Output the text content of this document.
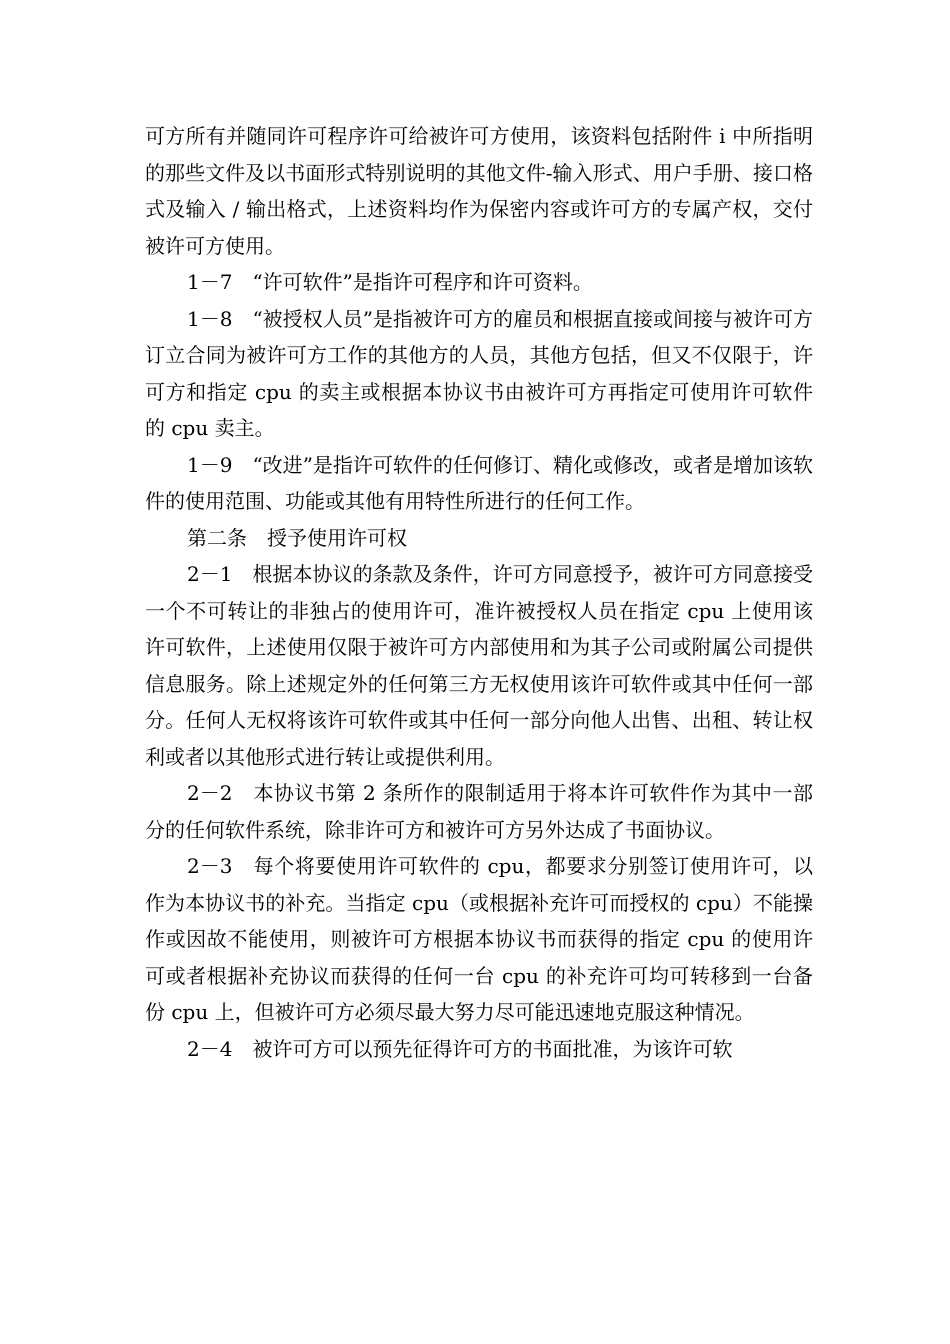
可方所有并随同许可程序许可给被许可方使用，该资料包括附件 i 中所指明的那些文件及以书面形式特别说明的其他文件-输入形式、用户手册、接口格式及输入 / 输出格式，上述资料均作为保密内容或许可方的专属产权，交付被许可方使用。

1－7　“许可软件”是指许可程序和许可资料。

1－8　“被授权人员”是指被许可方的雇员和根据直接或间接与被许可方订立合同为被许可方工作的其他方的人员，其他方包括，但又不仅限于，许可方和指定 cpu 的卖主或根据本协议书由被许可方再指定可使用许可软件的 cpu 卖主。

1－9　“改进”是指许可软件的任何修订、精化或修改，或者是增加该软件的使用范围、功能或其他有用特性所进行的任何工作。

第二条　授予使用许可权

2－1　根据本协议的条款及条件，许可方同意授予，被许可方同意接受一个不可转让的非独占的使用许可，准许被授权人员在指定 cpu 上使用该许可软件，上述使用仅限于被许可方内部使用和为其子公司或附属公司提供信息服务。除上述规定外的任何第三方无权使用该许可软件或其中任何一部分。任何人无权将该许可软件或其中任何一部分向他人出售、出租、转让权利或者以其他形式进行转让或提供利用。

2－2　本协议书第 2 条所作的限制适用于将本许可软件作为其中一部分的任何软件系统，除非许可方和被许可方另外达成了书面协议。

2－3　每个将要使用许可软件的 cpu，都要求分别签订使用许可，以作为本协议书的补充。当指定 cpu（或根据补充许可而授权的 cpu）不能操作或因故不能使用，则被许可方根据本协议书而获得的指定 cpu 的使用许可或者根据补充协议而获得的任何一台 cpu 的补充许可均可转移到一台备份 cpu 上，但被许可方必须尽最大努力尽可能迅速地克服这种情况。

2－4　被许可方可以预先征得许可方的书面批准，为该许可软
